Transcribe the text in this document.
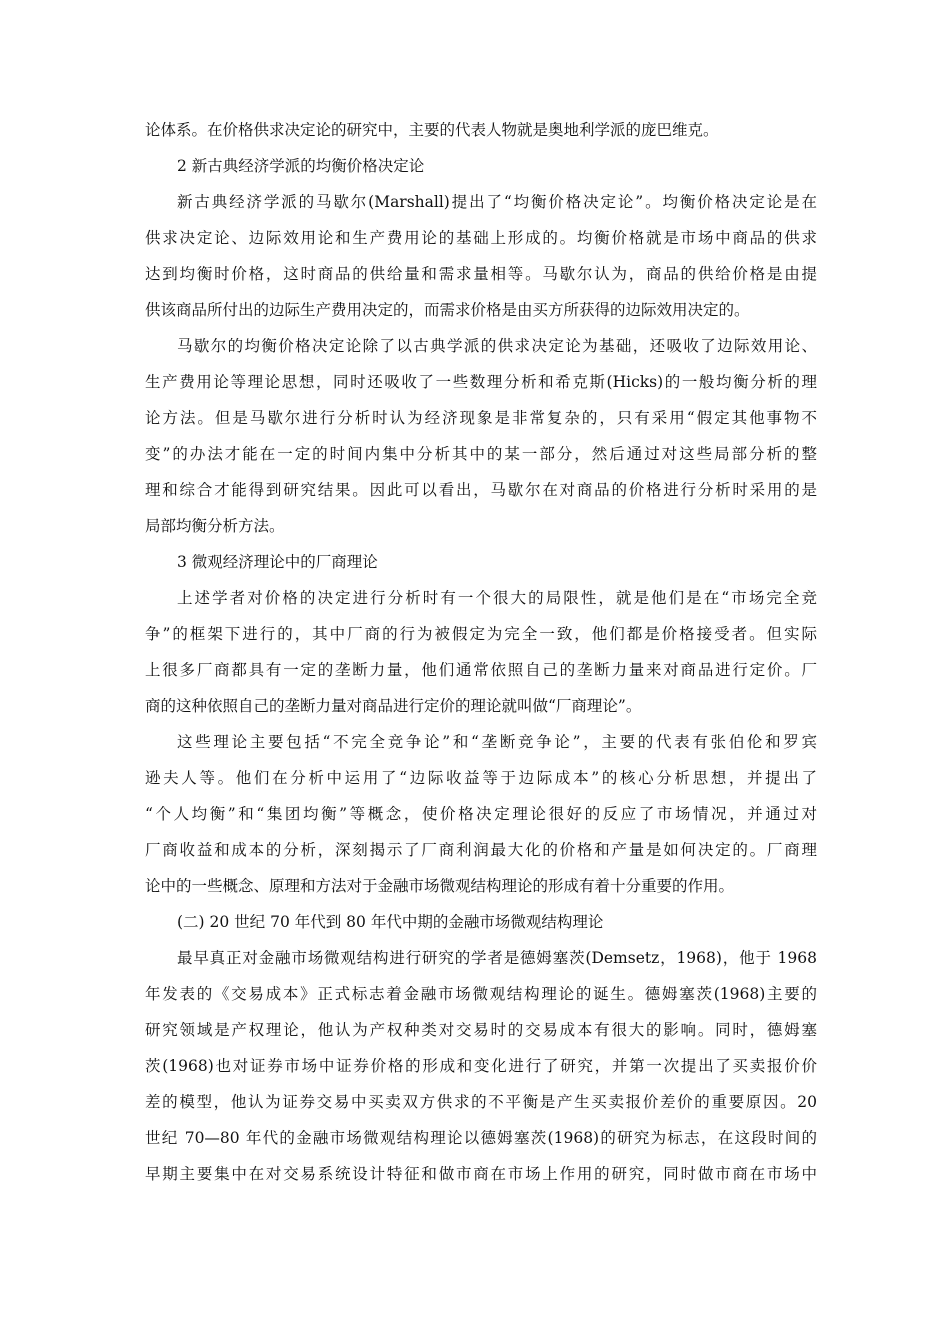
论体系。在价格供求决定论的研究中，主要的代表人物就是奥地利学派的庞巴维克。
2 新古典经济学派的均衡价格决定论
新古典经济学派的马歇尔(Marshall)提出了“均衡价格决定论”。均衡价格决定论是在
供求决定论、边际效用论和生产费用论的基础上形成的。均衡价格就是市场中商品的供求
达到均衡时价格，这时商品的供给量和需求量相等。马歇尔认为，商品的供给价格是由提
供该商品所付出的边际生产费用决定的，而需求价格是由买方所获得的边际效用决定的。
马歇尔的均衡价格决定论除了以古典学派的供求决定论为基础，还吸收了边际效用论、
生产费用论等理论思想，同时还吸收了一些数理分析和希克斯(Hicks)的一般均衡分析的理
论方法。但是马歇尔进行分析时认为经济现象是非常复杂的，只有采用“假定其他事物不
变”的办法才能在一定的时间内集中分析其中的某一部分，然后通过对这些局部分析的整
理和综合才能得到研究结果。因此可以看出，马歇尔在对商品的价格进行分析时采用的是
局部均衡分析方法。
3 微观经济理论中的厂商理论
上述学者对价格的决定进行分析时有一个很大的局限性，就是他们是在“市场完全竞
争”的框架下进行的，其中厂商的行为被假定为完全一致，他们都是价格接受者。但实际
上很多厂商都具有一定的垄断力量，他们通常依照自己的垄断力量来对商品进行定价。厂
商的这种依照自己的垄断力量对商品进行定价的理论就叫做“厂商理论”。
这些理论主要包括“不完全竞争论”和“垄断竞争论”，主要的代表有张伯伦和罗宾
逊夫人等。他们在分析中运用了“边际收益等于边际成本”的核心分析思想，并提出了
“个人均衡”和“集团均衡”等概念，使价格决定理论很好的反应了市场情况，并通过对
厂商收益和成本的分析，深刻揭示了厂商利润最大化的价格和产量是如何决定的。厂商理
论中的一些概念、原理和方法对于金融市场微观结构理论的形成有着十分重要的作用。
(二) 20 世纪 70 年代到 80 年代中期的金融市场微观结构理论
最早真正对金融市场微观结构进行研究的学者是德姆塞茨(Demsetz，1968)，他于 1968
年发表的《交易成本》正式标志着金融市场微观结构理论的诞生。德姆塞茨(1968)主要的
研究领域是产权理论，他认为产权种类对交易时的交易成本有很大的影响。同时，德姆塞
茨(1968)也对证券市场中证券价格的形成和变化进行了研究，并第一次提出了买卖报价价
差的模型，他认为证券交易中买卖双方供求的不平衡是产生买卖报价差价的重要原因。20
世纪 70—80 年代的金融市场微观结构理论以德姆塞茨(1968)的研究为标志，在这段时间的
早期主要集中在对交易系统设计特征和做市商在市场上作用的研究，同时做市商在市场中
